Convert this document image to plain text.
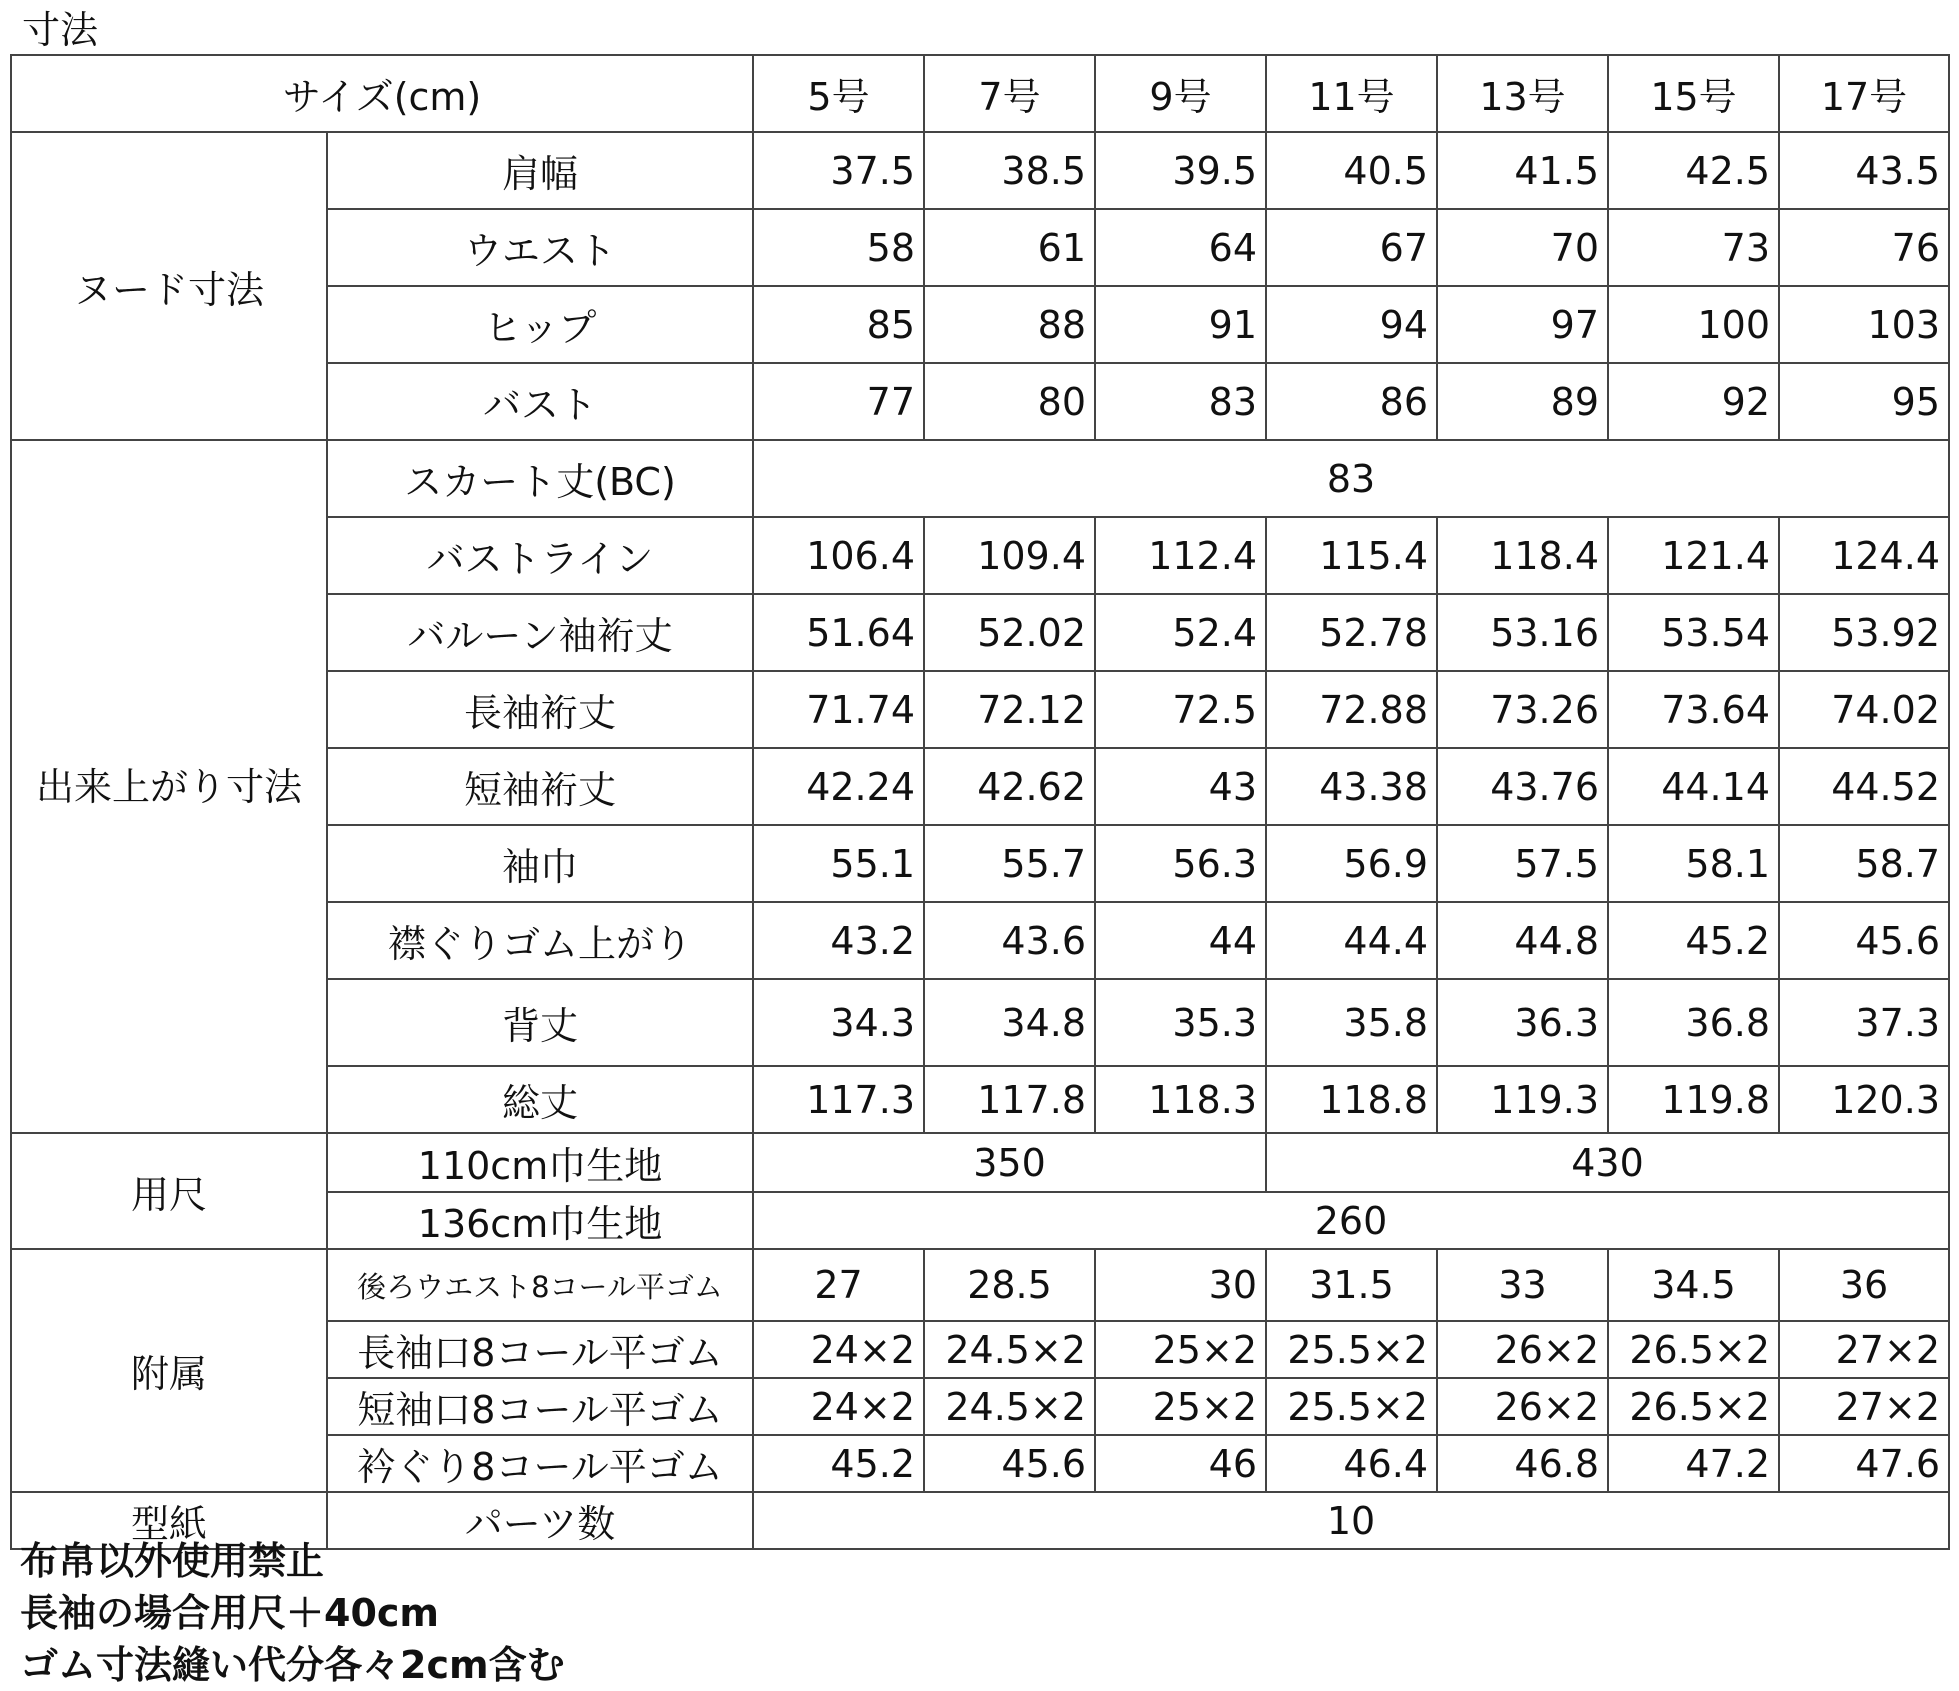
寸法
サイズ(cm)		5号	7号	9号	11号	13号	15号	17号
ヌード寸法	肩幅	37.5	38.5	39.5	40.5	41.5	42.5	43.5
	ウエスト	58	61	64	67	70	73	76
	ヒップ	85	88	91	94	97	100	103
	バスト	77	80	83	86	89	92	95
出来上がり寸法	スカート丈(BC)	83						
	バストライン	106.4	109.4	112.4	115.4	118.4	121.4	124.4
	バルーン袖裄丈	51.64	52.02	52.4	52.78	53.16	53.54	53.92
	長袖裄丈	71.74	72.12	72.5	72.88	73.26	73.64	74.02
	短袖裄丈	42.24	42.62	43	43.38	43.76	44.14	44.52
	袖巾	55.1	55.7	56.3	56.9	57.5	58.1	58.7
	襟ぐりゴム上がり	43.2	43.6	44	44.4	44.8	45.2	45.6
	背丈	34.3	34.8	35.3	35.8	36.3	36.8	37.3
	総丈	117.3	117.8	118.3	118.8	119.3	119.8	120.3
用尺	110cm巾生地	350			430			
	136cm巾生地	260						
附属	後ろウエスト8コール平ゴム	27	28.5	30	31.5	33	34.5	36
	長袖口8コール平ゴム	24×2	24.5×2	25×2	25.5×2	26×2	26.5×2	27×2
	短袖口8コール平ゴム	24×2	24.5×2	25×2	25.5×2	26×2	26.5×2	27×2
	衿ぐり8コール平ゴム	45.2	45.6	46	46.4	46.8	47.2	47.6
型紙	パーツ数	10						
布帛以外使用禁止
長袖の場合用尺＋40cm
ゴム寸法縫い代分各々2cm含む
